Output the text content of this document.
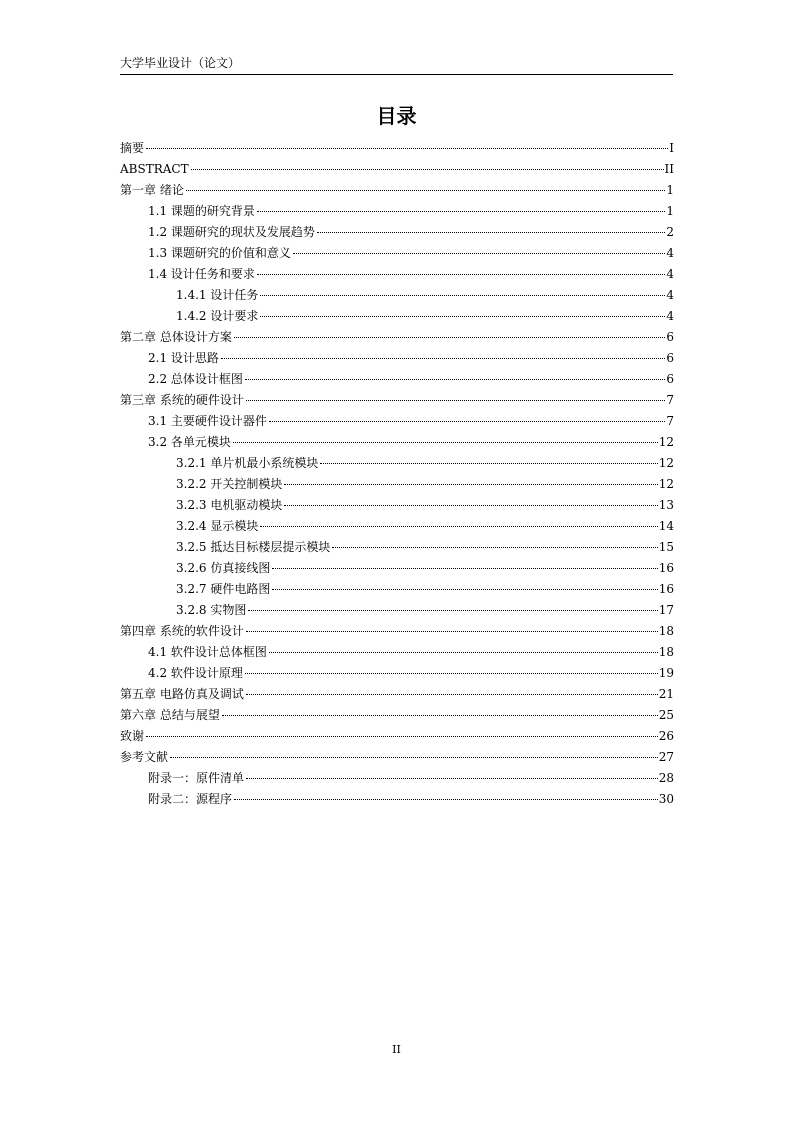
大学毕业设计（论文）
目录
摘要	I
ABSTRACT	II
第一章 绪论	1
1.1 课题的研究背景	1
1.2 课题研究的现状及发展趋势	2
1.3 课题研究的价值和意义	4
1.4 设计任务和要求	4
1.4.1 设计任务	4
1.4.2 设计要求	4
第二章 总体设计方案	6
2.1 设计思路	6
2.2 总体设计框图	6
第三章 系统的硬件设计	7
3.1 主要硬件设计器件	7
3.2 各单元模块	12
3.2.1 单片机最小系统模块	12
3.2.2 开关控制模块	12
3.2.3 电机驱动模块	13
3.2.4 显示模块	14
3.2.5 抵达目标楼层提示模块	15
3.2.6 仿真接线图	16
3.2.7 硬件电路图	16
3.2.8 实物图	17
第四章 系统的软件设计	18
4.1 软件设计总体框图	18
4.2 软件设计原理	19
第五章 电路仿真及调试	21
第六章 总结与展望	25
致谢	26
参考文献	27
附录一：原件清单	28
附录二：源程序	30
II
